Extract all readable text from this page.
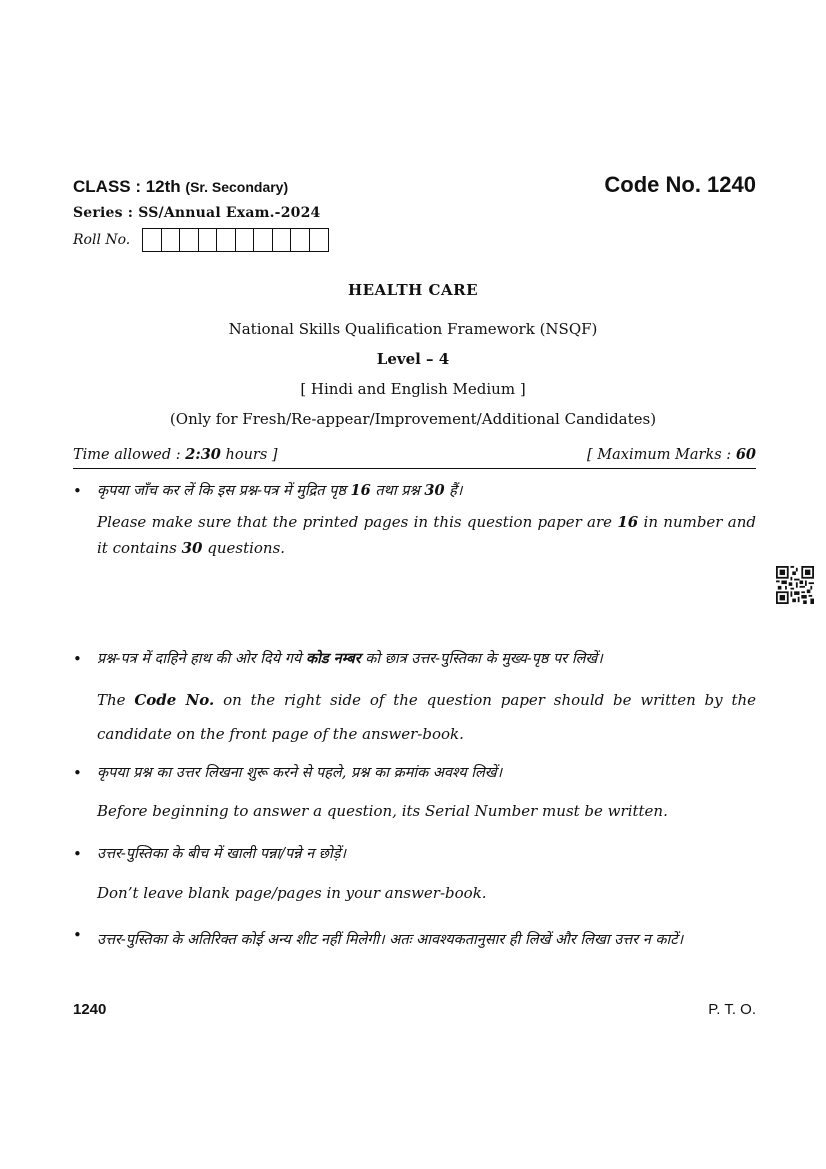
CLASS : 12th (Sr. Secondary)	Code No. 1240
Series : SS/Annual Exam.-2024
Roll No.
HEALTH CARE
National Skills Qualification Framework (NSQF)
Level – 4
[ Hindi and English Medium ]
(Only for Fresh/Re-appear/Improvement/Additional Candidates)
Time allowed : 2:30 hours ]	[ Maximum Marks : 60
• कृपया जाँच कर लें कि इस प्रश्न-पत्र में मुद्रित पृष्ठ 16 तथा प्रश्न 30 हैं।
Please make sure that the printed pages in this question paper are 16 in number and it contains 30 questions.
• प्रश्न-पत्र में दाहिने हाथ की ओर दिये गये कोड नम्बर को छात्र उत्तर-पुस्तिका के मुख्य-पृष्ठ पर लिखें।
The Code No. on the right side of the question paper should be written by the candidate on the front page of the answer-book.
• कृपया प्रश्न का उत्तर लिखना शुरू करने से पहले, प्रश्न का क्रमांक अवश्य लिखें।
Before beginning to answer a question, its Serial Number must be written.
• उत्तर-पुस्तिका के बीच में खाली पन्ना/पन्ने न छोड़ें।
Don’t leave blank page/pages in your answer-book.
• उत्तर-पुस्तिका के अतिरिक्त कोई अन्य शीट नहीं मिलेगी। अतः आवश्यकतानुसार ही लिखें और लिखा उत्तर न काटें।
1240	P. T. O.
